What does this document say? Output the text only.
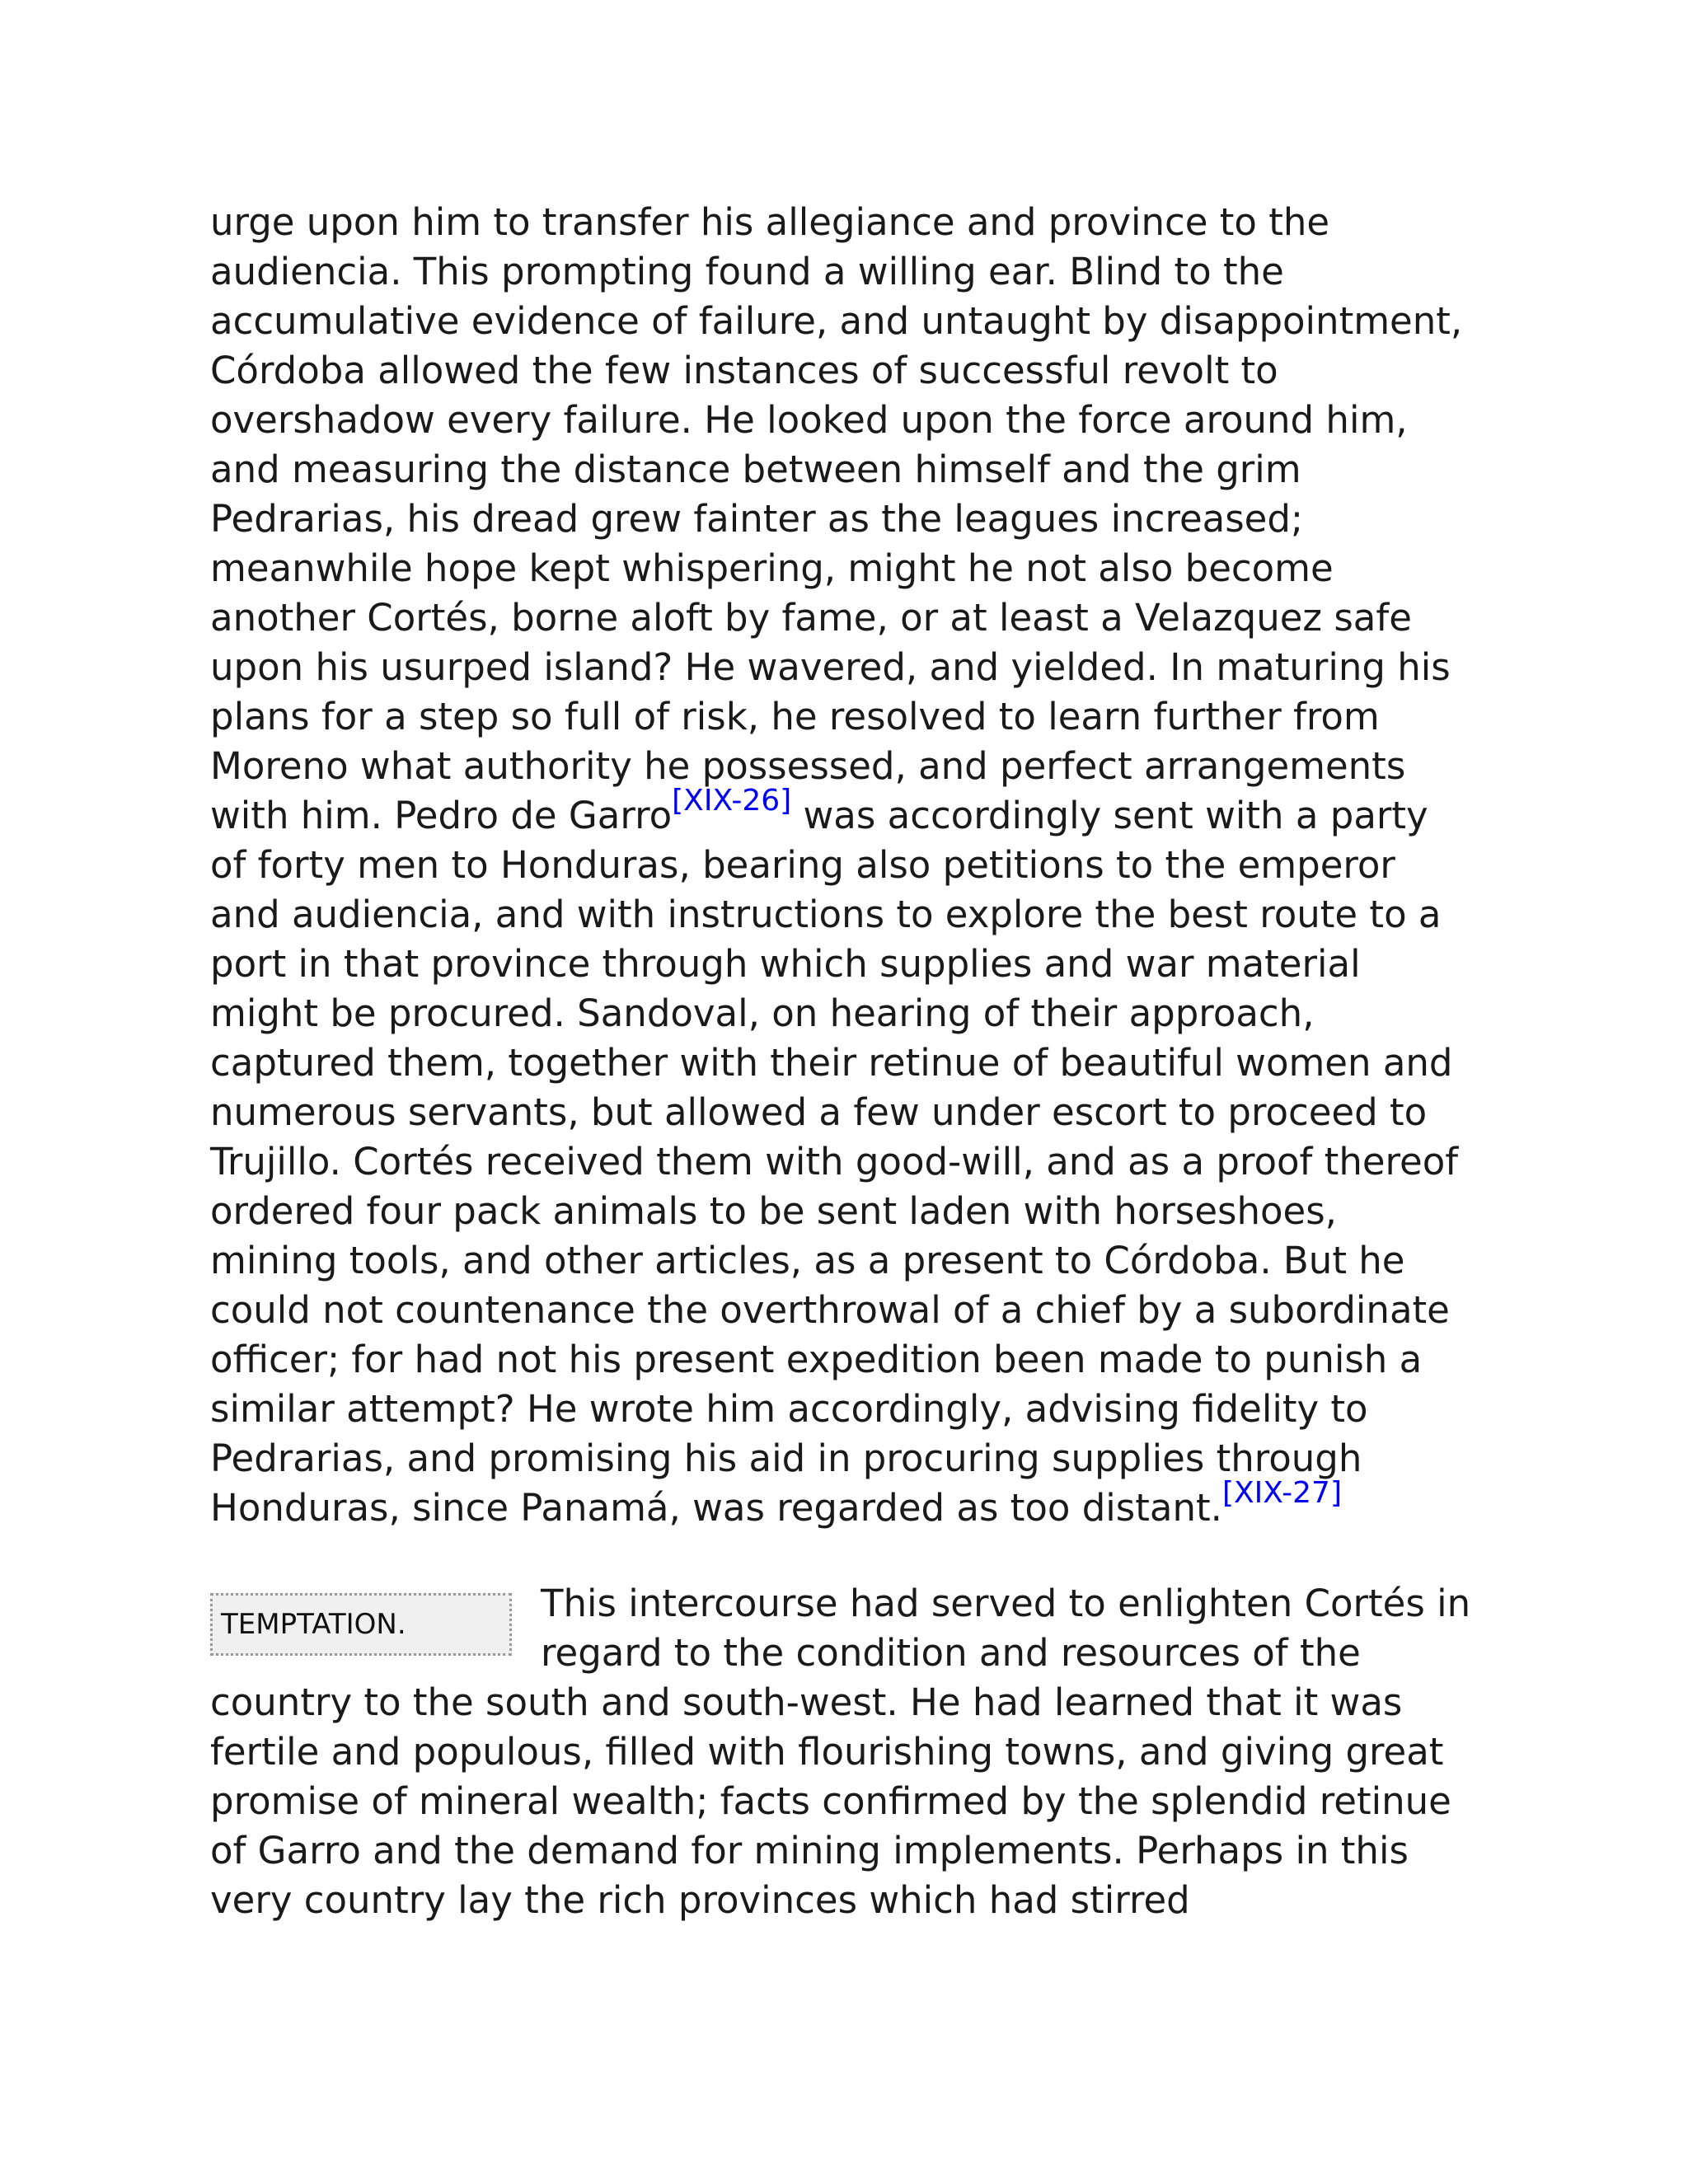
urge upon him to transfer his allegiance and province to the audiencia. This prompting found a willing ear. Blind to the accumulative evidence of failure, and untaught by disappointment, Córdoba allowed the few instances of successful revolt to overshadow every failure. He looked upon the force around him, and measuring the distance between himself and the grim Pedrarias, his dread grew fainter as the leagues increased; meanwhile hope kept whispering, might he not also become another Cortés, borne aloft by fame, or at least a Velazquez safe upon his usurped island? He wavered, and yielded. In maturing his plans for a step so full of risk, he resolved to learn further from Moreno what authority he possessed, and perfect arrangements with him. Pedro de Garro[XIX-26] was accordingly sent with a party of forty men to Honduras, bearing also petitions to the emperor and audiencia, and with instructions to explore the best route to a port in that province through which supplies and war material might be procured. Sandoval, on hearing of their approach, captured them, together with their retinue of beautiful women and numerous servants, but allowed a few under escort to proceed to Trujillo. Cortés received them with good-will, and as a proof thereof ordered four pack animals to be sent laden with horseshoes, mining tools, and other articles, as a present to Córdoba. But he could not countenance the overthrowal of a chief by a subordinate officer; for had not his present expedition been made to punish a similar attempt? He wrote him accordingly, advising fidelity to Pedrarias, and promising his aid in procuring supplies through Honduras, since Panamá, was regarded as too distant.[XIX-27]

TEMPTATION.	This intercourse had served to enlighten Cortés in regard to the condition and resources of the country to the south and south-west. He had learned that it was fertile and populous, filled with flourishing towns, and giving great promise of mineral wealth; facts confirmed by the splendid retinue of Garro and the demand for mining implements. Perhaps in this very country lay the rich provinces which had stirred
